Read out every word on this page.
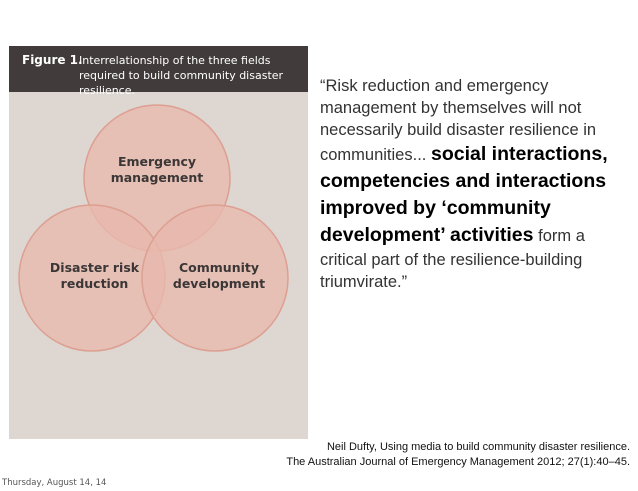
Figure 1.
Interrelationship of the three fields required to build community disaster resilience.
Emergency management
Disaster risk reduction
Community development
“Risk reduction and emergency management by themselves will not necessarily build disaster resilience in communities... social interactions, competencies and interactions improved by ‘community development’ activities form a critical part of the resilience-building triumvirate.”
Neil Dufty, Using media to build community disaster resilience.
The Australian Journal of Emergency Management 2012; 27(1):40–45.
Thursday, August 14, 14
